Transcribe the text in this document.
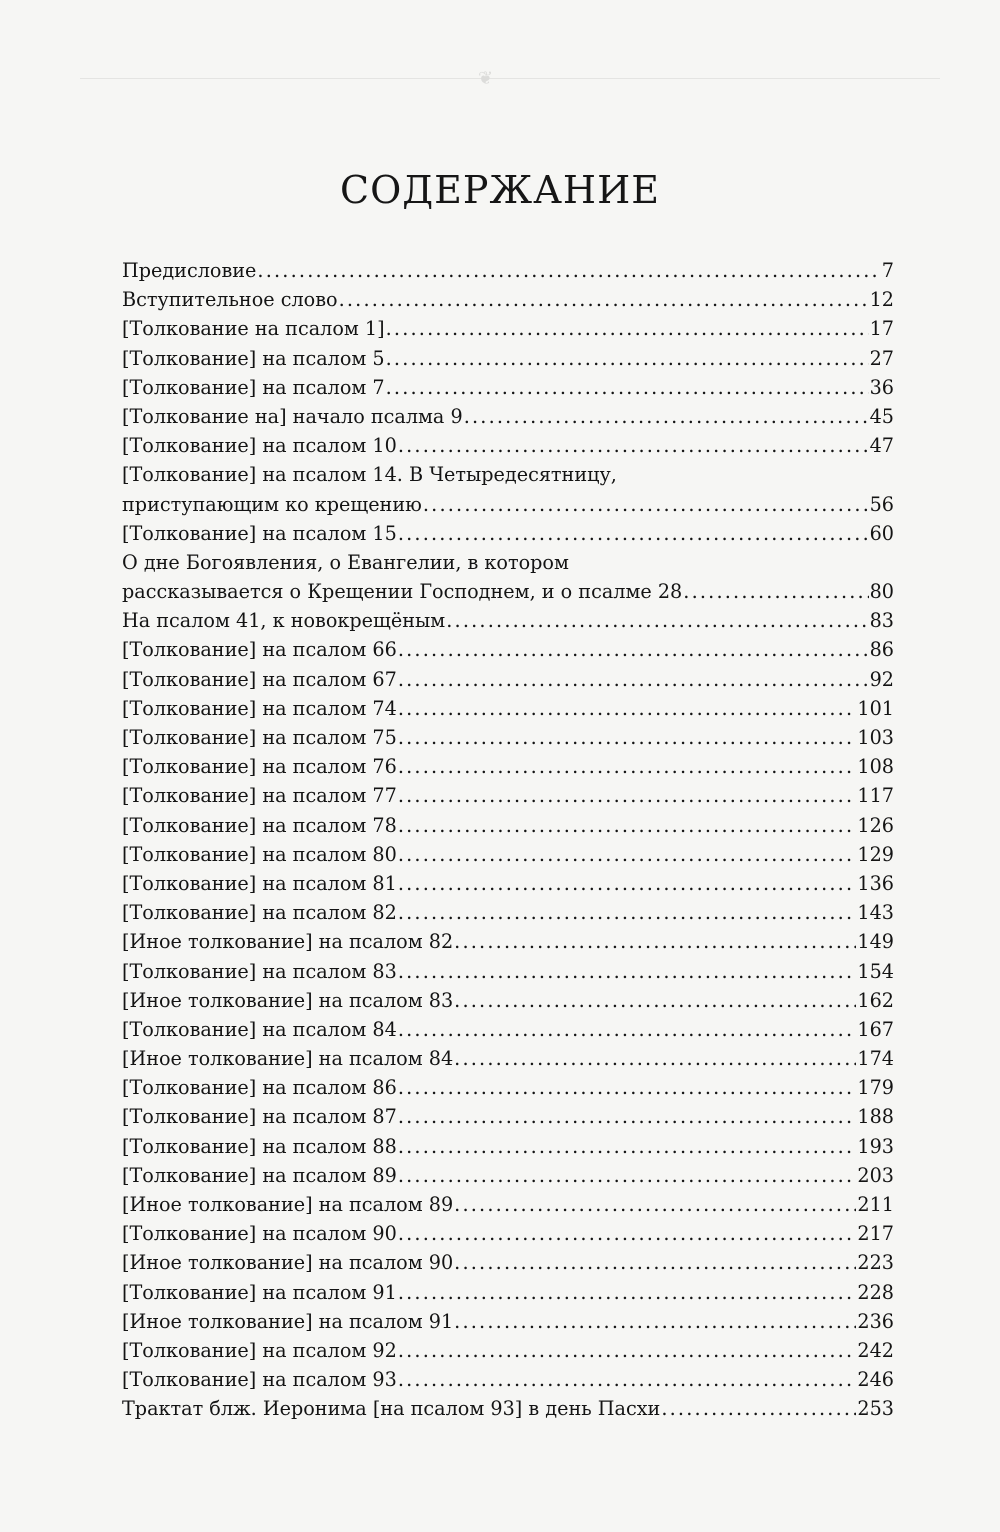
❦
СОДЕРЖАНИЕ
Предисловие .....	7
Вступительное слово .....	12
[Толкование на псалом 1] .....	17
[Толкование] на псалом 5 .....	27
[Толкование] на псалом 7 .....	36
[Толкование на] начало псалма 9 .....	45
[Толкование] на псалом 10 .....	47
[Толкование] на псалом 14. В Четыредесятницу,
приступающим ко крещению .....	56
[Толкование] на псалом 15 .....	60
О дне Богоявления, о Евангелии, в котором
рассказывается о Крещении Господнем, и о псалме 28 .....	80
На псалом 41, к новокрещёным .....	83
[Толкование] на псалом 66 .....	86
[Толкование] на псалом 67 .....	92
[Толкование] на псалом 74 .....	101
[Толкование] на псалом 75 .....	103
[Толкование] на псалом 76 .....	108
[Толкование] на псалом 77 .....	117
[Толкование] на псалом 78 .....	126
[Толкование] на псалом 80 .....	129
[Толкование] на псалом 81 .....	136
[Толкование] на псалом 82 .....	143
[Иное толкование] на псалом 82 .....	149
[Толкование] на псалом 83 .....	154
[Иное толкование] на псалом 83 .....	162
[Толкование] на псалом 84 .....	167
[Иное толкование] на псалом 84 .....	174
[Толкование] на псалом 86 .....	179
[Толкование] на псалом 87 .....	188
[Толкование] на псалом 88 .....	193
[Толкование] на псалом 89 .....	203
[Иное толкование] на псалом 89 .....	211
[Толкование] на псалом 90 .....	217
[Иное толкование] на псалом 90 .....	223
[Толкование] на псалом 91 .....	228
[Иное толкование] на псалом 91 .....	236
[Толкование] на псалом 92 .....	242
[Толкование] на псалом 93 .....	246
Трактат блж. Иеронима [на псалом 93] в день Пасхи .....	253
